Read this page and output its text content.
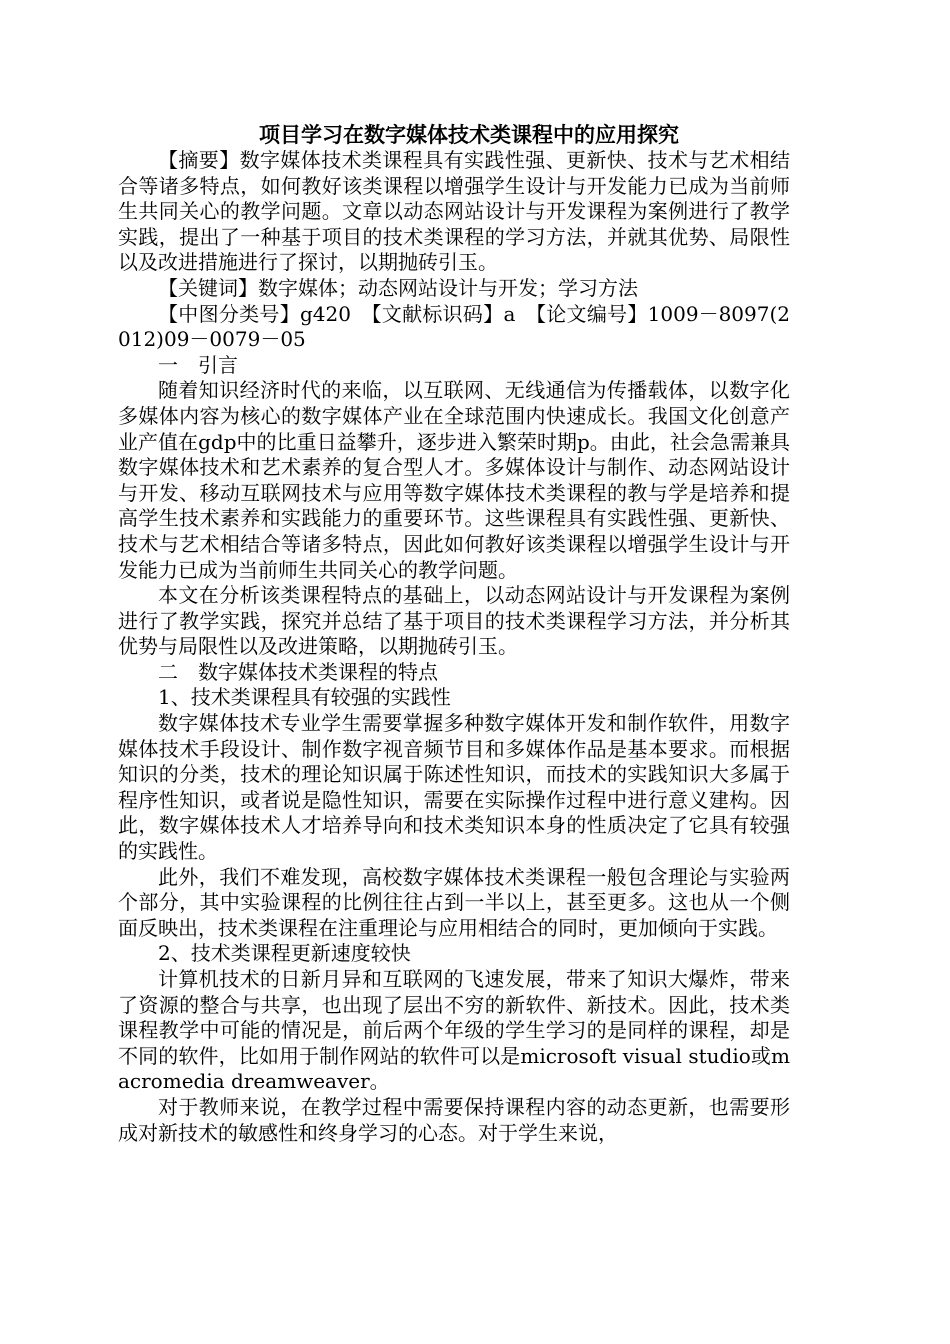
项目学习在数字媒体技术类课程中的应用探究

【摘要】数字媒体技术类课程具有实践性强、更新快、技术与艺术相结合等诸多特点，如何教好该类课程以增强学生设计与开发能力已成为当前师生共同关心的教学问题。文章以动态网站设计与开发课程为案例进行了教学实践，提出了一种基于项目的技术类课程的学习方法，并就其优势、局限性以及改进措施进行了探讨，以期抛砖引玉。

【关键词】数字媒体；动态网站设计与开发；学习方法

【中图分类号】g420　【文献标识码】a　【论文编号】1009－8097(2012)09－0079－05

一　引言

随着知识经济时代的来临，以互联网、无线通信为传播载体，以数字化多媒体内容为核心的数字媒体产业在全球范围内快速成长。我国文化创意产业产值在gdp中的比重日益攀升，逐步进入繁荣时期p。由此，社会急需兼具数字媒体技术和艺术素养的复合型人才。多媒体设计与制作、动态网站设计与开发、移动互联网技术与应用等数字媒体技术类课程的教与学是培养和提高学生技术素养和实践能力的重要环节。这些课程具有实践性强、更新快、技术与艺术相结合等诸多特点，因此如何教好该类课程以增强学生设计与开发能力已成为当前师生共同关心的教学问题。

本文在分析该类课程特点的基础上，以动态网站设计与开发课程为案例进行了教学实践，探究并总结了基于项目的技术类课程学习方法，并分析其优势与局限性以及改进策略，以期抛砖引玉。

二　数字媒体技术类课程的特点

1、技术类课程具有较强的实践性

数字媒体技术专业学生需要掌握多种数字媒体开发和制作软件，用数字媒体技术手段设计、制作数字视音频节目和多媒体作品是基本要求。而根据知识的分类，技术的理论知识属于陈述性知识，而技术的实践知识大多属于程序性知识，或者说是隐性知识，需要在实际操作过程中进行意义建构。因此，数字媒体技术人才培养导向和技术类知识本身的性质决定了它具有较强的实践性。

此外，我们不难发现，高校数字媒体技术类课程一般包含理论与实验两个部分，其中实验课程的比例往往占到一半以上，甚至更多。这也从一个侧面反映出，技术类课程在注重理论与应用相结合的同时，更加倾向于实践。

2、技术类课程更新速度较快

计算机技术的日新月异和互联网的飞速发展，带来了知识大爆炸，带来了资源的整合与共享，也出现了层出不穷的新软件、新技术。因此，技术类课程教学中可能的情况是，前后两个年级的学生学习的是同样的课程，却是不同的软件，比如用于制作网站的软件可以是microsoft visual studio或macromedia dreamweaver。

对于教师来说，在教学过程中需要保持课程内容的动态更新，也需要形成对新技术的敏感性和终身学习的心态。对于学生来说，
